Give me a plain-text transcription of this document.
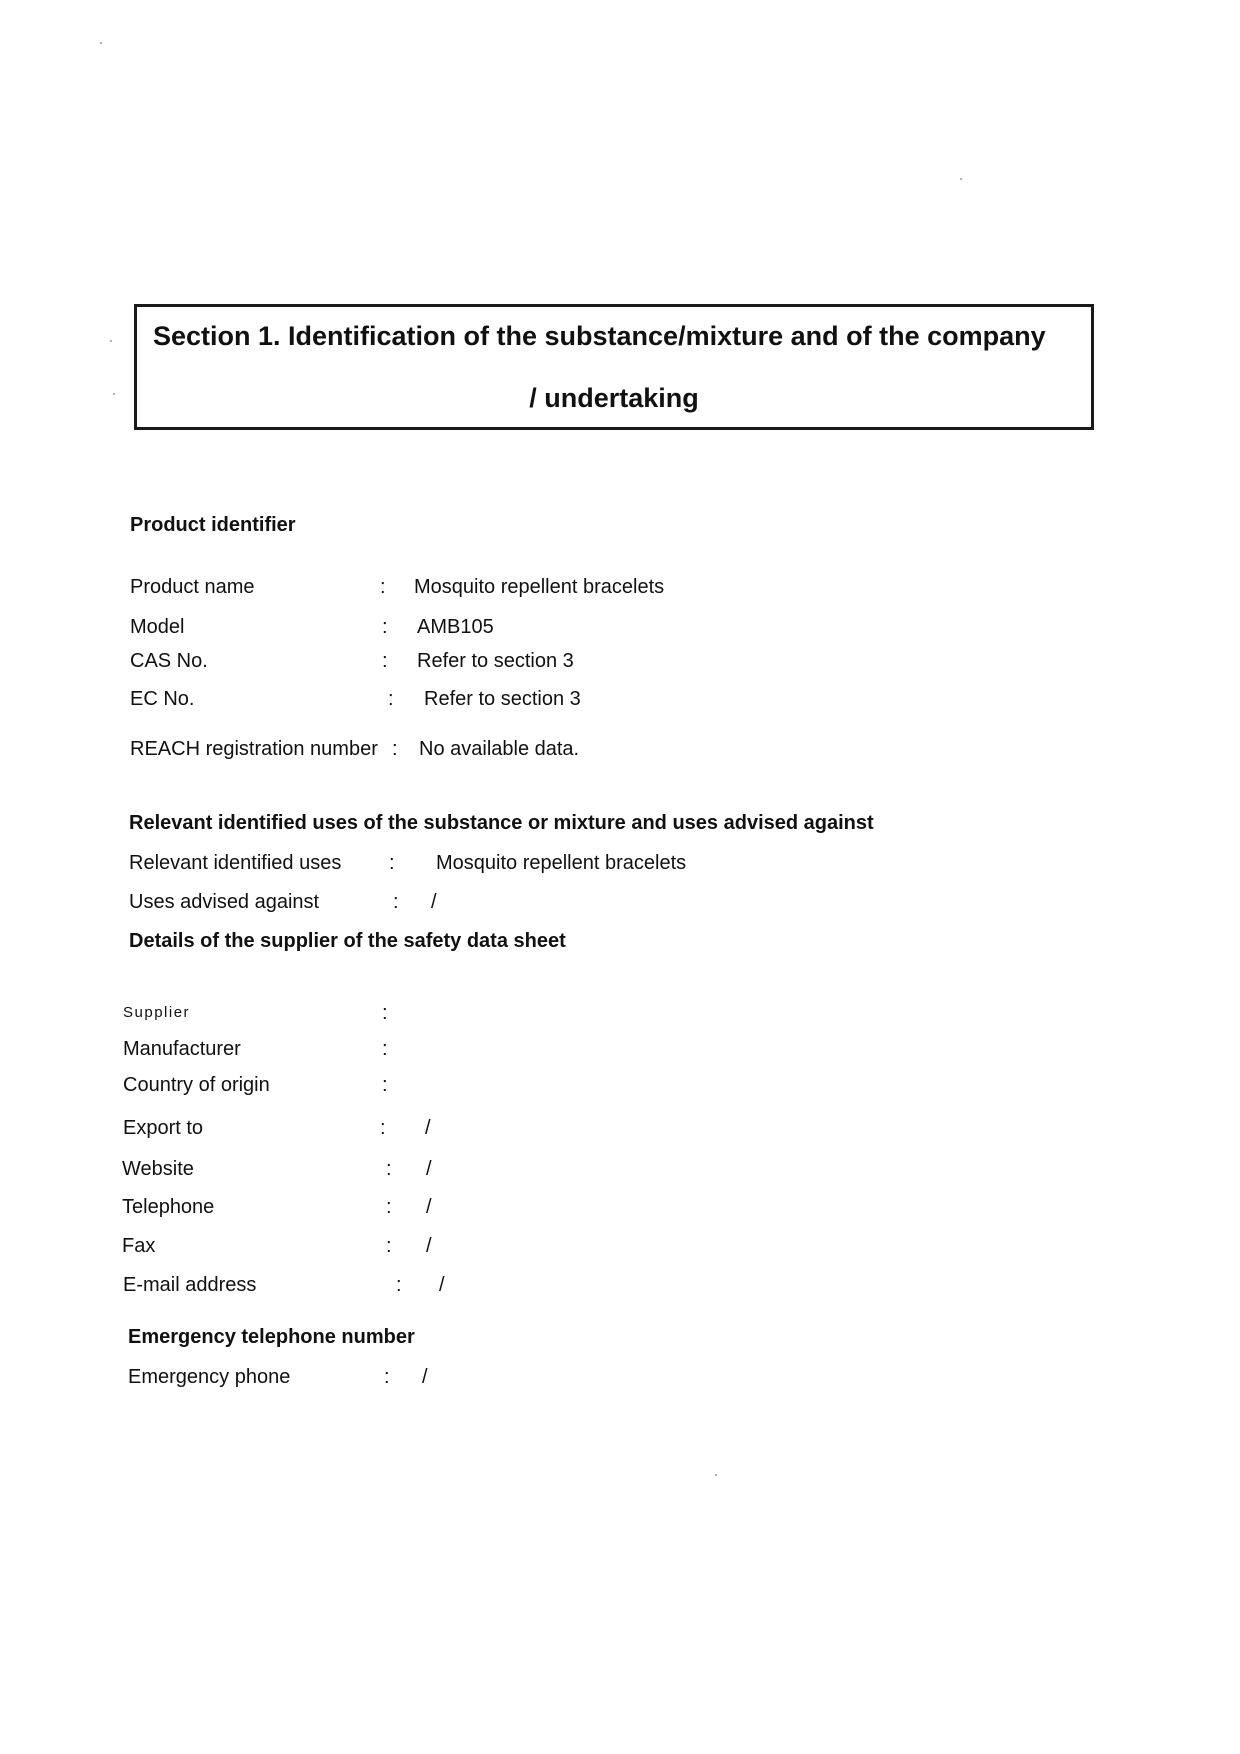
Section 1. Identification of the substance/mixture and of the company
/ undertaking
Product identifier
Product name	: Mosquito repellent bracelets
Model	: AMB105
CAS No.	: Refer to section 3
EC No.	: Refer to section 3
REACH registration number : No available data.
Relevant identified uses of the substance or mixture and uses advised against
Relevant identified uses : Mosquito repellent bracelets
Uses advised against	: /
Details of the supplier of the safety data sheet
Supplier	:
Manufacturer	:
Country of origin	:
Export to	: /
Website	: /
Telephone	: /
Fax	: /
E-mail address	: /
Emergency telephone number
Emergency phone	: /
